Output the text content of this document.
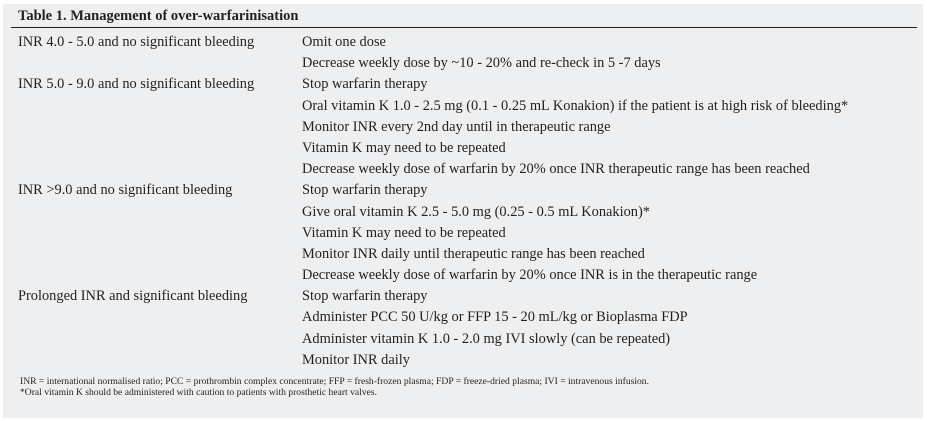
Table 1. Management of over-warfarinisation
INR 4.0 - 5.0 and no significant bleeding	Omit one dose
Decrease weekly dose by ~10 - 20% and re-check in 5 -7 days
INR 5.0 - 9.0 and no significant bleeding	Stop warfarin therapy
Oral vitamin K 1.0 - 2.5 mg (0.1 - 0.25 mL Konakion) if the patient is at high risk of bleeding*
Monitor INR every 2nd day until in therapeutic range
Vitamin K may need to be repeated
Decrease weekly dose of warfarin by 20% once INR therapeutic range has been reached
INR >9.0 and no significant bleeding	Stop warfarin therapy
Give oral vitamin K 2.5 - 5.0 mg (0.25 - 0.5 mL Konakion)*
Vitamin K may need to be repeated
Monitor INR daily until therapeutic range has been reached
Decrease weekly dose of warfarin by 20% once INR is in the therapeutic range
Prolonged INR and significant bleeding	Stop warfarin therapy
Administer PCC 50 U/kg or FFP 15 - 20 mL/kg or Bioplasma FDP
Administer vitamin K 1.0 - 2.0 mg IVI slowly (can be repeated)
Monitor INR daily
INR = international normalised ratio; PCC = prothrombin complex concentrate; FFP = fresh-frozen plasma; FDP = freeze-dried plasma; IVI = intravenous infusion.
*Oral vitamin K should be administered with caution to patients with prosthetic heart valves.
